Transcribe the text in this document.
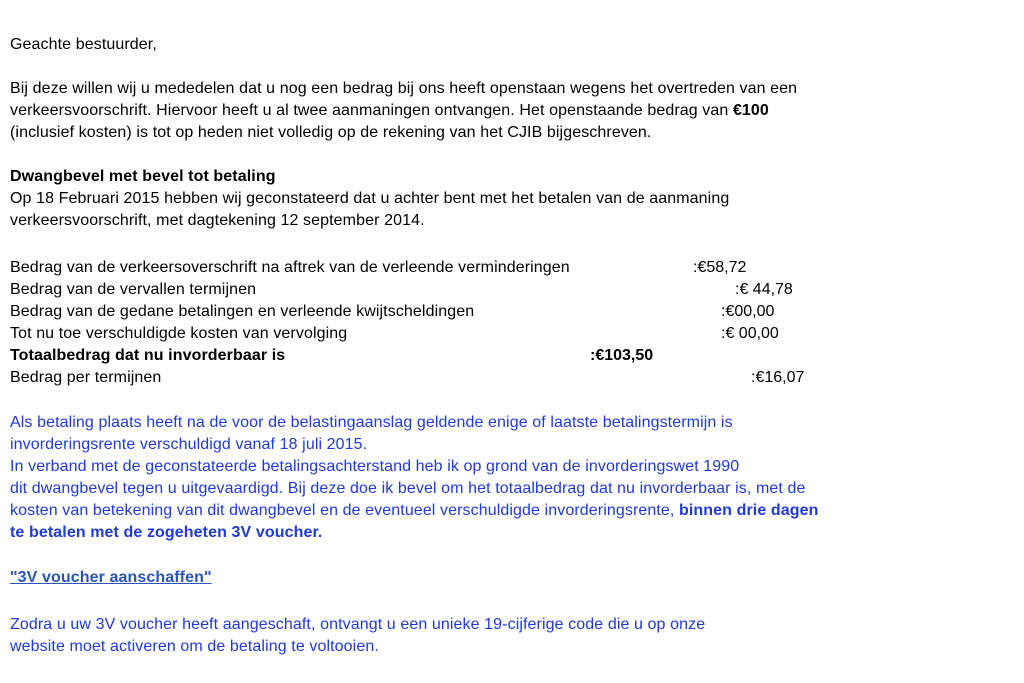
Geachte bestuurder,
Bij deze willen wij u mededelen dat u nog een bedrag bij ons heeft openstaan wegens het overtreden van een
verkeersvoorschrift. Hiervoor heeft u al twee aanmaningen ontvangen. Het openstaande bedrag van €100
(inclusief kosten) is tot op heden niet volledig op de rekening van het CJIB bijgeschreven.
Dwangbevel met bevel tot betaling
Op 18 Februari 2015 hebben wij geconstateerd dat u achter bent met het betalen van de aanmaning
verkeersvoorschrift, met dagtekening 12 september 2014.
Bedrag van de verkeersoverschrift na aftrek van de verleende verminderingen	:€58,72
Bedrag van de vervallen termijnen	:€ 44,78
Bedrag van de gedane betalingen en verleende kwijtscheldingen	:€00,00
Tot nu toe verschuldigde kosten van vervolging	:€ 00,00
Totaalbedrag dat nu invorderbaar is	:€103,50
Bedrag per termijnen	:€16,07
Als betaling plaats heeft na de voor de belastingaanslag geldende enige of laatste betalingstermijn is
invorderingsrente verschuldigd vanaf 18 juli 2015.
In verband met de geconstateerde betalingsachterstand heb ik op grond van de invorderingswet 1990
dit dwangbevel tegen u uitgevaardigd. Bij deze doe ik bevel om het totaalbedrag dat nu invorderbaar is, met de
kosten van betekening van dit dwangbevel en de eventueel verschuldigde invorderingsrente, binnen drie dagen
te betalen met de zogeheten 3V voucher.
"3V voucher aanschaffen"
Zodra u uw 3V voucher heeft aangeschaft, ontvangt u een unieke 19-cijferige code die u op onze
website moet activeren om de betaling te voltooien.
